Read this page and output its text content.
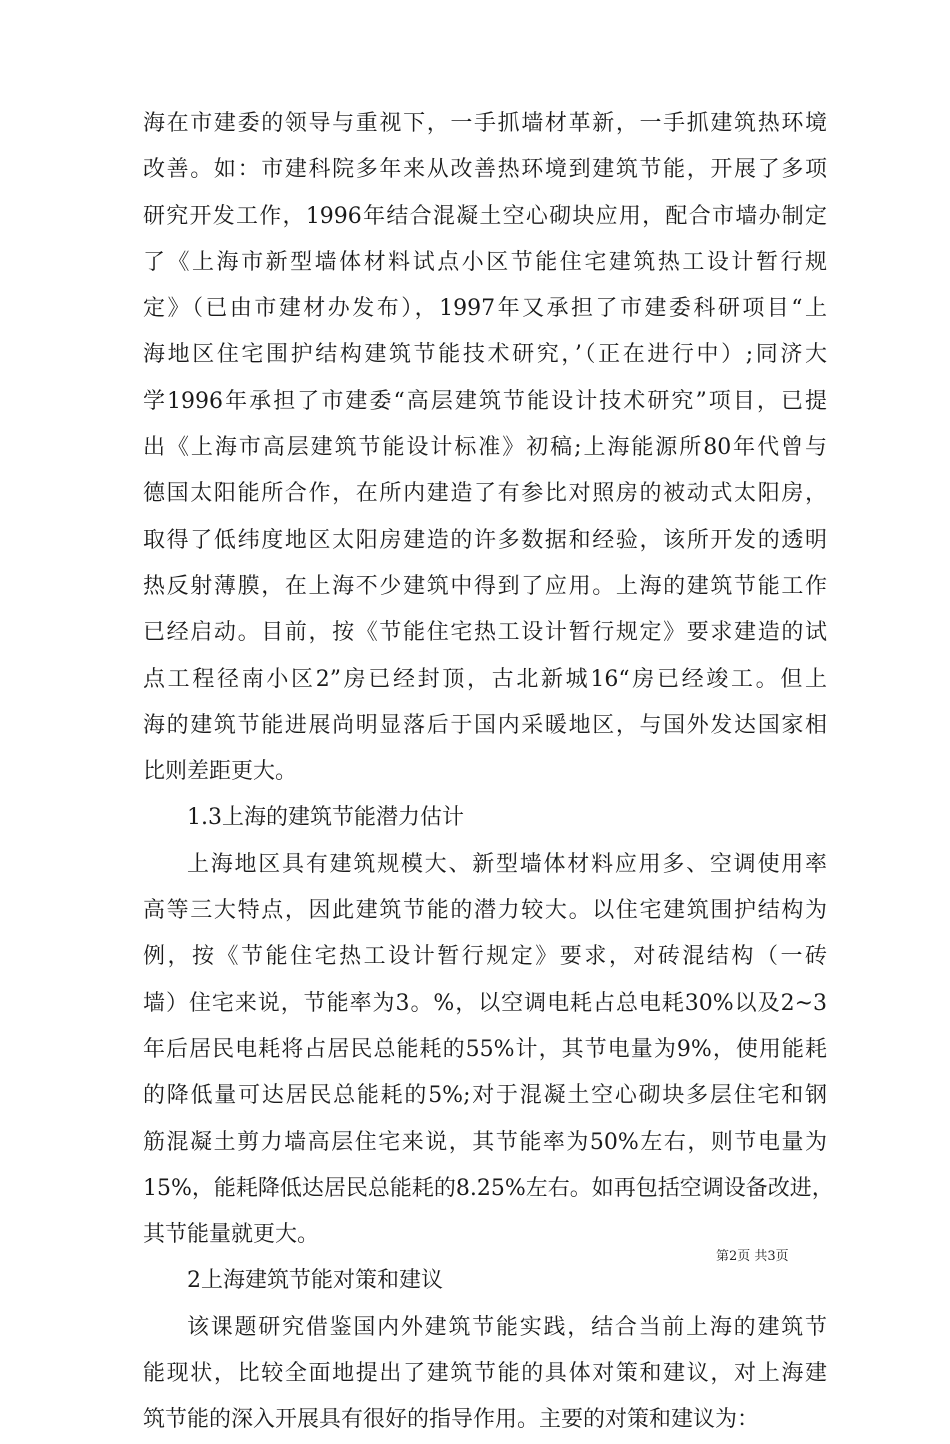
海在市建委的领导与重视下，一手抓墙材革新，一手抓建筑热环境
改善。如：市建科院多年来从改善热环境到建筑节能，开展了多项
研究开发工作，1996年结合混凝土空心砌块应用，配合市墙办制定
了《上海市新型墙体材料试点小区节能住宅建筑热工设计暂行规
定》（已由市建材办发布），1997年又承担了市建委科研项目“上
海地区住宅围护结构建筑节能技术研究，’（正在进行中）;同济大
学1996年承担了市建委“高层建筑节能设计技术研究”项目，已提
出《上海市高层建筑节能设计标准》初稿;上海能源所80年代曾与
德国太阳能所合作，在所内建造了有参比对照房的被动式太阳房，
取得了低纬度地区太阳房建造的许多数据和经验，该所开发的透明
热反射薄膜，在上海不少建筑中得到了应用。上海的建筑节能工作
已经启动。目前，按《节能住宅热工设计暂行规定》要求建造的试
点工程径南小区2”房已经封顶，古北新城16“房已经竣工。但上
海的建筑节能进展尚明显落后于国内采暖地区，与国外发达国家相
比则差距更大。
1.3上海的建筑节能潜力估计
上海地区具有建筑规模大、新型墙体材料应用多、空调使用率
高等三大特点，因此建筑节能的潜力较大。以住宅建筑围护结构为
例，按《节能住宅热工设计暂行规定》要求，对砖混结构（一砖
墙）住宅来说，节能率为3。%，以空调电耗占总电耗30%以及2~3
年后居民电耗将占居民总能耗的55%计，其节电量为9%，使用能耗
的降低量可达居民总能耗的5%;对于混凝土空心砌块多层住宅和钢
筋混凝土剪力墙高层住宅来说，其节能率为50%左右，则节电量为
15%，能耗降低达居民总能耗的8.25%左右。如再包括空调设备改进，
其节能量就更大。
2上海建筑节能对策和建议
该课题研究借鉴国内外建筑节能实践，结合当前上海的建筑节
能现状，比较全面地提出了建筑节能的具体对策和建议，对上海建
筑节能的深入开展具有很好的指导作用。主要的对策和建议为：
第2页 共3页
